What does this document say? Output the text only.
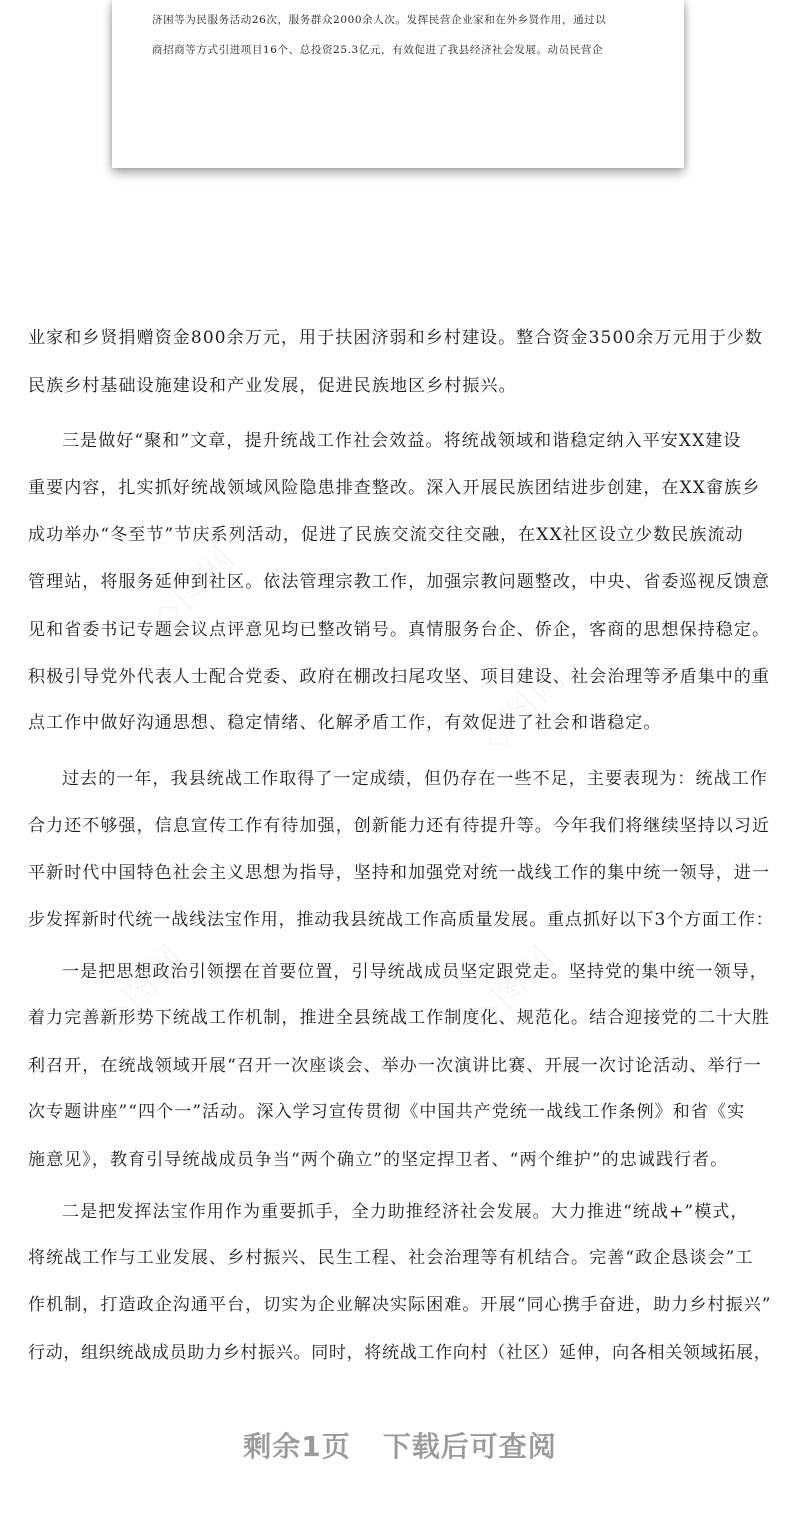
济困等为民服务活动26次，服务群众2000余人次。发挥民营企业家和在外乡贤作用，通过以
商招商等方式引进项目16个、总投资25.3亿元，有效促进了我县经济社会发展。动员民营企
业家和乡贤捐赠资金800余万元，用于扶困济弱和乡村建设。整合资金3500余万元用于少数
民族乡村基础设施建设和产业发展，促进民族地区乡村振兴。
三是做好“聚和”文章，提升统战工作社会效益。将统战领域和谐稳定纳入平安XX建设
重要内容，扎实抓好统战领域风险隐患排查整改。深入开展民族团结进步创建，在XX畲族乡
成功举办“冬至节”节庆系列活动，促进了民族交流交往交融，在XX社区设立少数民族流动
管理站，将服务延伸到社区。依法管理宗教工作，加强宗教问题整改，中央、省委巡视反馈意
见和省委书记专题会议点评意见均已整改销号。真情服务台企、侨企，客商的思想保持稳定。
积极引导党外代表人士配合党委、政府在棚改扫尾攻坚、项目建设、社会治理等矛盾集中的重
点工作中做好沟通思想、稳定情绪、化解矛盾工作，有效促进了社会和谐稳定。
过去的一年，我县统战工作取得了一定成绩，但仍存在一些不足，主要表现为：统战工作
合力还不够强，信息宣传工作有待加强，创新能力还有待提升等。今年我们将继续坚持以习近
平新时代中国特色社会主义思想为指导，坚持和加强党对统一战线工作的集中统一领导，进一
步发挥新时代统一战线法宝作用，推动我县统战工作高质量发展。重点抓好以下3个方面工作：
一是把思想政治引领摆在首要位置，引导统战成员坚定跟党走。坚持党的集中统一领导，
着力完善新形势下统战工作机制，推进全县统战工作制度化、规范化。结合迎接党的二十大胜
利召开，在统战领域开展“召开一次座谈会、举办一次演讲比赛、开展一次讨论活动、举行一
次专题讲座”“四个一”活动。深入学习宣传贯彻《中国共产党统一战线工作条例》和省《实
施意见》，教育引导统战成员争当“两个确立”的坚定捍卫者、“两个维护”的忠诚践行者。
二是把发挥法宝作用作为重要抓手，全力助推经济社会发展。大力推进“统战+”模式，
将统战工作与工业发展、乡村振兴、民生工程、社会治理等有机结合。完善“政企恳谈会”工
作机制，打造政企沟通平台，切实为企业解决实际困难。开展“同心携手奋进，助力乡村振兴”
行动，组织统战成员助力乡村振兴。同时，将统战工作向村（社区）延伸，向各相关领域拓展，
剩余1页 下载后可查阅
